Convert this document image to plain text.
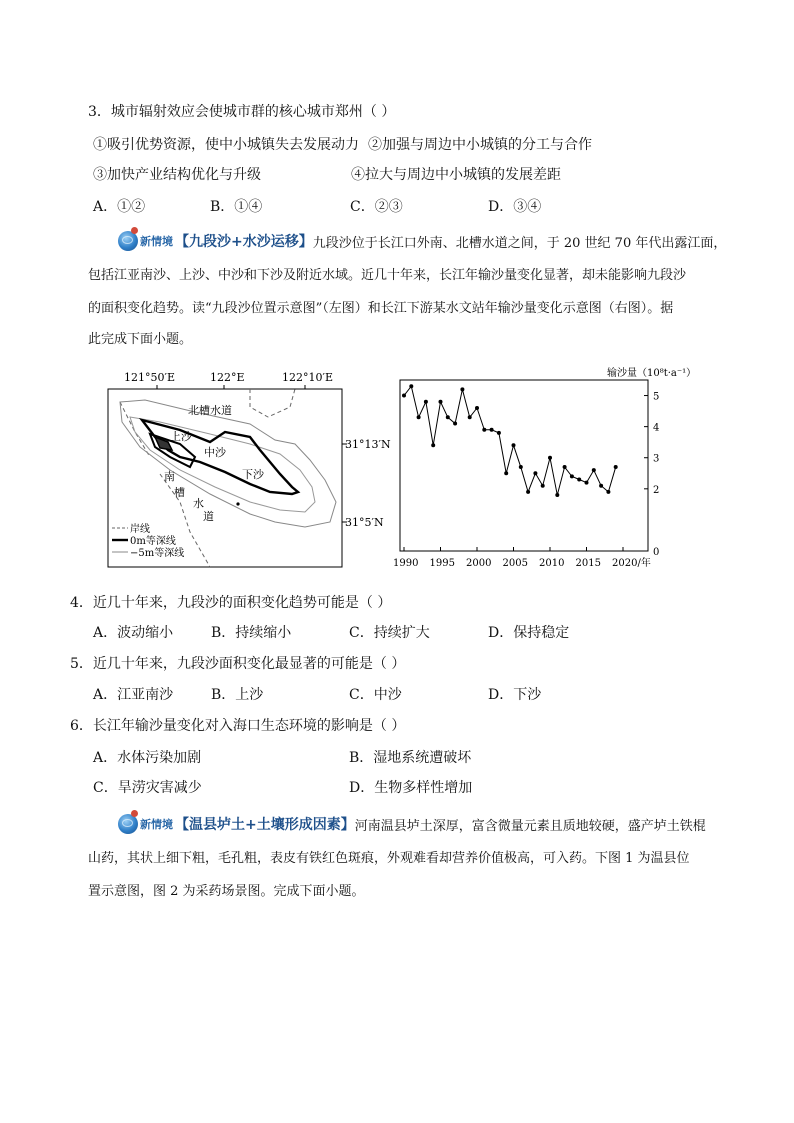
3．城市辐射效应会使城市群的核心城市郑州（ ）
①吸引优势资源，使中小城镇失去发展动力 ②加强与周边中小城镇的分工与合作
③加快产业结构优化与升级	④拉大与周边中小城镇的发展差距
A．①②	B．①④	C．②③	D．③④
新情境 【九段沙+水沙运移】 九段沙位于长江口外南、北槽水道之间，于 20 世纪 70 年代出露江面，
包括江亚南沙、上沙、中沙和下沙及附近水域。近几十年来，长江年输沙量变化显著，却未能影响九段沙
的面积变化趋势。读“九段沙位置示意图”（左图）和长江下游某水文站年输沙量变化示意图（右图）。据
此完成下面小题。
121°50′E	122°E	122°10′E
北槽水道
上沙
中沙
下沙
南
槽
水
道
31°13′N
31°5′N
岸线
0m等深线
−5m等深线
输沙量（10⁸t·a⁻¹）
0
2
3
4
5
1990 1995 2000 2005 2010 2015 2020/年
4．近几十年来，九段沙的面积变化趋势可能是（ ）
A．波动缩小	B．持续缩小	C．持续扩大	D．保持稳定
5．近几十年来，九段沙面积变化最显著的可能是（ ）
A．江亚南沙	B．上沙	C．中沙	D．下沙
6．长江年输沙量变化对入海口生态环境的影响是（ ）
A．水体污染加剧	B．湿地系统遭破坏
C．旱涝灾害减少	D．生物多样性增加
新情境 【温县垆土+土壤形成因素】 河南温县垆土深厚，富含微量元素且质地较硬，盛产垆土铁棍
山药，其状上细下粗，毛孔粗，表皮有铁红色斑痕，外观难看却营养价值极高，可入药。下图 1 为温县位
置示意图，图 2 为采药场景图。完成下面小题。
